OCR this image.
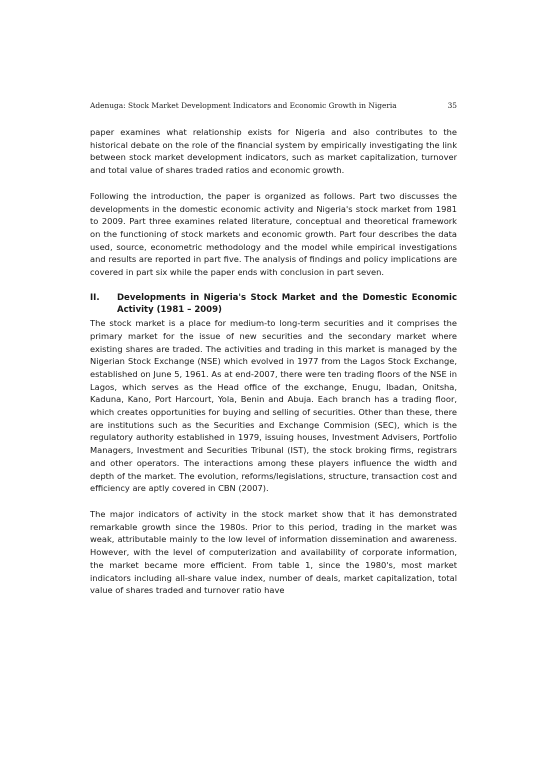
Adenuga: Stock Market Development Indicators and Economic Growth in Nigeria	35

paper examines what relationship exists for Nigeria and also contributes to the historical debate on the role of the financial system by empirically investigating the link between stock market development indicators, such as market capitalization, turnover and total value of shares traded ratios and economic growth.

Following the introduction, the paper is organized as follows. Part two discusses the developments in the domestic economic activity and Nigeria's stock market from 1981 to 2009. Part three examines related literature, conceptual and theoretical framework on the functioning of stock markets and economic growth. Part four describes the data used, source, econometric methodology and the model while empirical investigations and results are reported in part five. The analysis of findings and policy implications are covered in part six while the paper ends with conclusion in part seven.

II.	Developments in Nigeria's Stock Market and the Domestic Economic Activity (1981 – 2009)

The stock market is a place for medium-to long-term securities and it comprises the primary market for the issue of new securities and the secondary market where existing shares are traded. The activities and trading in this market is managed by the Nigerian Stock Exchange (NSE) which evolved in 1977 from the Lagos Stock Exchange, established on June 5, 1961. As at end-2007, there were ten trading floors of the NSE in Lagos, which serves as the Head office of the exchange, Enugu, Ibadan, Onitsha, Kaduna, Kano, Port Harcourt, Yola, Benin and Abuja. Each branch has a trading floor, which creates opportunities for buying and selling of securities. Other than these, there are institutions such as the Securities and Exchange Commision (SEC), which is the regulatory authority established in 1979, issuing houses, Investment Advisers, Portfolio Managers, Investment and Securities Tribunal (IST), the stock broking firms, registrars and other operators. The interactions among these players influence the width and depth of the market. The evolution, reforms/legislations, structure, transaction cost and efficiency are aptly covered in CBN (2007).

The major indicators of activity in the stock market show that it has demonstrated remarkable growth since the 1980s. Prior to this period, trading in the market was weak, attributable mainly to the low level of information dissemination and awareness. However, with the level of computerization and availability of corporate information, the market became more efficient. From table 1, since the 1980's, most market indicators including all-share value index, number of deals, market capitalization, total value of shares traded and turnover ratio have
